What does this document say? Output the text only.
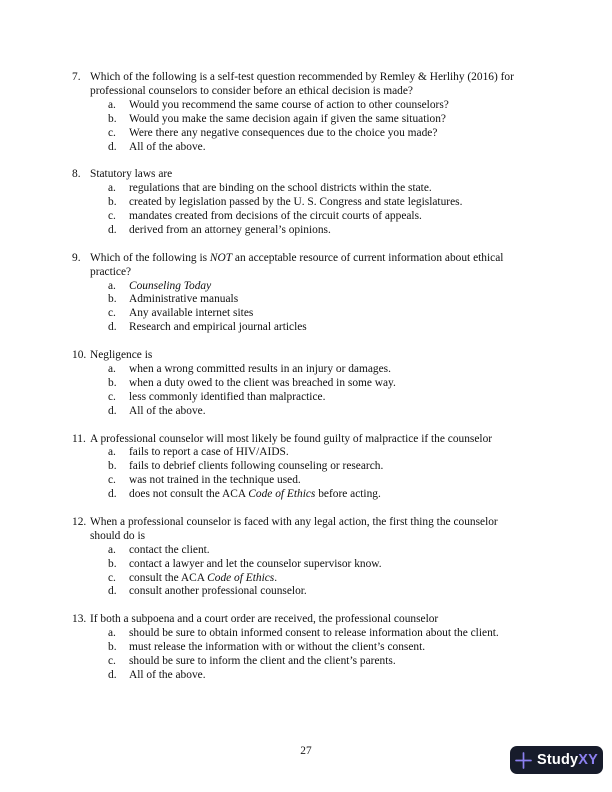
7. Which of the following is a self-test question recommended by Remley & Herlihy (2016) for
professional counselors to consider before an ethical decision is made?

a. Would you recommend the same course of action to other counselors?

b. Would you make the same decision again if given the same situation?

c. Were there any negative consequences due to the choice you made?

d. All of the above.

8. Statutory laws are

a. regulations that are binding on the school districts within the state.

b. created by legislation passed by the U. S. Congress and state legislatures.

c. mandates created from decisions of the circuit courts of appeals.

d. derived from an attorney general’s opinions.

9. Which of the following is NOT an acceptable resource of current information about ethical
practice?

a. Counseling Today

b. Administrative manuals

c. Any available internet sites

d. Research and empirical journal articles

10. Negligence is

a. when a wrong committed results in an injury or damages.

b. when a duty owed to the client was breached in some way.

c. less commonly identified than malpractice.

d. All of the above.

11. A professional counselor will most likely be found guilty of malpractice if the counselor

a. fails to report a case of HIV/AIDS.

b. fails to debrief clients following counseling or research.

c. was not trained in the technique used.

d. does not consult the ACA Code of Ethics before acting.

12. When a professional counselor is faced with any legal action, the first thing the counselor
should do is

a. contact the client.

b. contact a lawyer and let the counselor supervisor know.

c. consult the ACA Code of Ethics.

d. consult another professional counselor.

13. If both a subpoena and a court order are received, the professional counselor

a. should be sure to obtain informed consent to release information about the client.

b. must release the information with or without the client’s consent.

c. should be sure to inform the client and the client’s parents.

d. All of the above.

27
StudyXY
